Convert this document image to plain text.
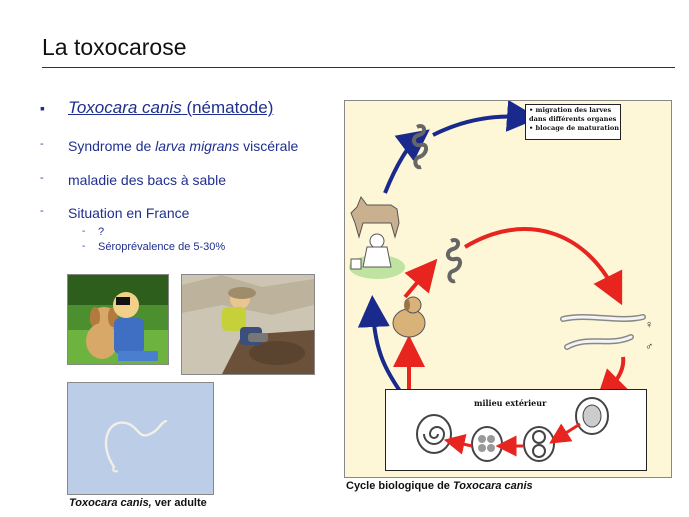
La toxocarose
▪ Toxocara canis (nématode)
- Syndrome de larva migrans viscérale
- maladie des bacs à sable
- Situation en France
- ?
- Séroprévalence de 5-30%
Toxocara canis, ver adulte
• migration des larves
dans différents organes
• blocage de maturation
♀
♂
milieu extérieur
Cycle biologique de Toxocara canis
